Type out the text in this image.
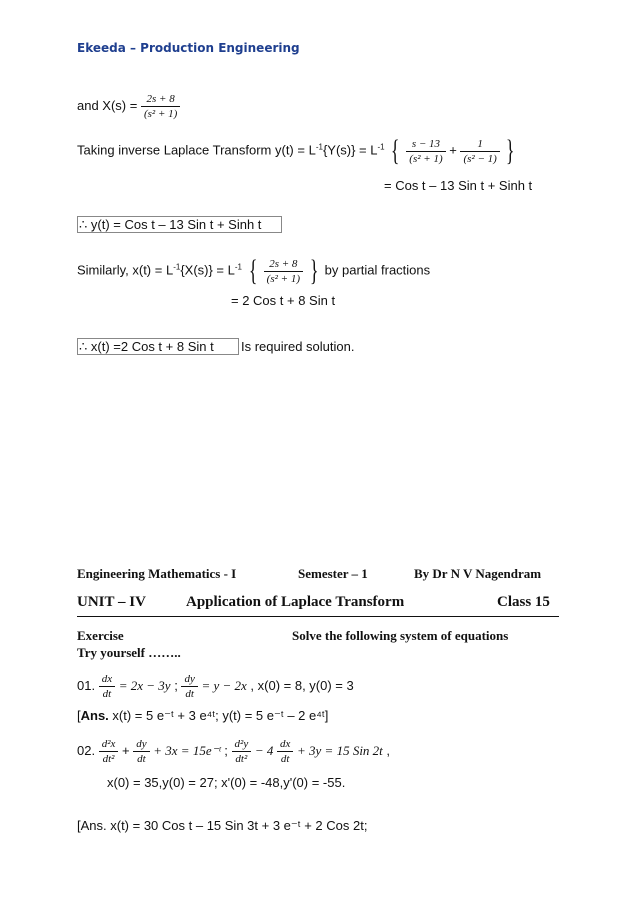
Ekeeda – Production Engineering
and $X(s) = \frac{2s + 8}{\text{(s² + 1)}}$
Taking inverse Laplace Transform $y(t) = L^{-1}\{Y(s)\} = L^{-1}$ { $\frac{s - 13}{\text{(s² + 1)}} + \frac{1}{\text{(s² − 1)}}$ }
= Cos t – 13 Sin t + Sinh t
∴ y(t) = Cos t – 13 Sin t + Sinh t
Similarly, $x(t) = L^{-1}\{X(s)\} = L^{-1}$ { $\frac{2s + 8}{\text{(s² + 1)}}$ } by partial fractions
= 2 Cos t + 8 Sin t
∴ x(t) =2 Cos t + 8 Sin t Is required solution.
Engineering Mathematics - I	Semester – 1	By Dr N V Nagendram
UNIT – IV	Application of Laplace Transform	Class 15
Exercise	Solve the following system of equations
Try yourself ……..
01. $\frac{dx}{dt} = 2x - 3y$ ; $\frac{dy}{dt} = y - 2x$ , x(0) = 8, y(0) = 3
[Ans. x(t) = 5 e⁻ᵗ + 3 e⁴ᵗ; y(t) = 5 e⁻ᵗ – 2 e⁴ᵗ]
02. $\frac{\text{d²x}}{\text{dt²}} + \frac{dy}{dt} + 3x$ = 15e⁻ᵗ ; $\frac{\text{d²y}}{\text{dt²}} - 4 \frac{dx}{dt} + 3y = 15$ Sin 2t ,
x(0) = 35,y(0) = 27; x'(0) = -48,y'(0) = -55.
[Ans. x(t) = 30 Cos t – 15 Sin 3t + 3 e⁻ᵗ + 2 Cos 2t;
